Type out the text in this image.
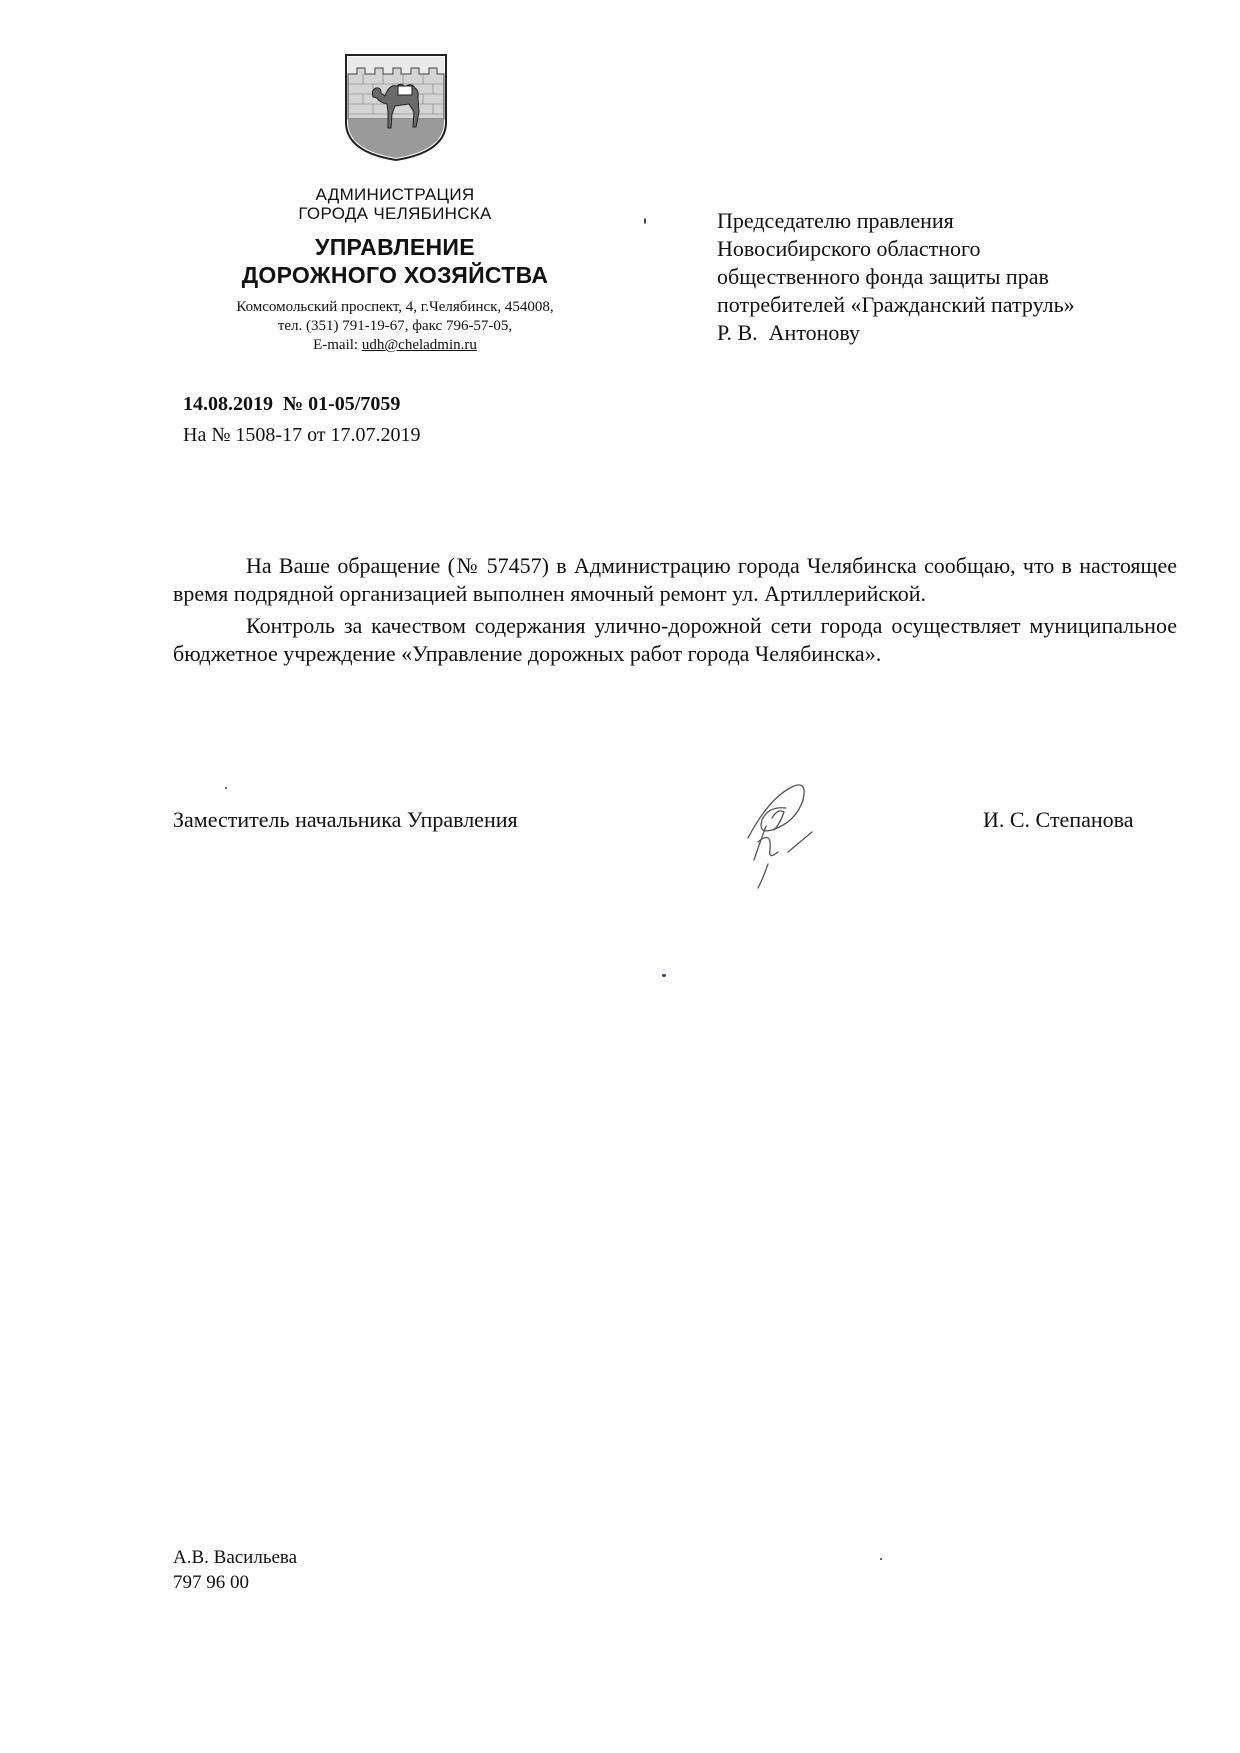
АДМИНИСТРАЦИЯ
ГОРОДА ЧЕЛЯБИНСКА
УПРАВЛЕНИЕ
ДОРОЖНОГО ХОЗЯЙСТВА
Комсомольский проспект, 4, г.Челябинск, 454008,
тел. (351) 791-19-67, факс 796-57-05,
E-mail: udh@cheladmin.ru
14.08.2019  № 01-05/7059
На № 1508-17 от 17.07.2019
Председателю правления
Новосибирского областного
общественного фонда защиты прав
потребителей «Гражданский патруль»
Р. В.  Антонову

На Ваше обращение (№ 57457) в Администрацию города Челябинска сообщаю, что в настоящее время подрядной организацией выполнен ямочный ремонт ул. Артиллерийской.

Контроль за качеством содержания улично-дорожной сети города осуществляет муниципальное бюджетное учреждение «Управление дорожных работ города Челябинска».

Заместитель начальника Управления	И. С. Степанова
А.В. Васильева
797 96 00
